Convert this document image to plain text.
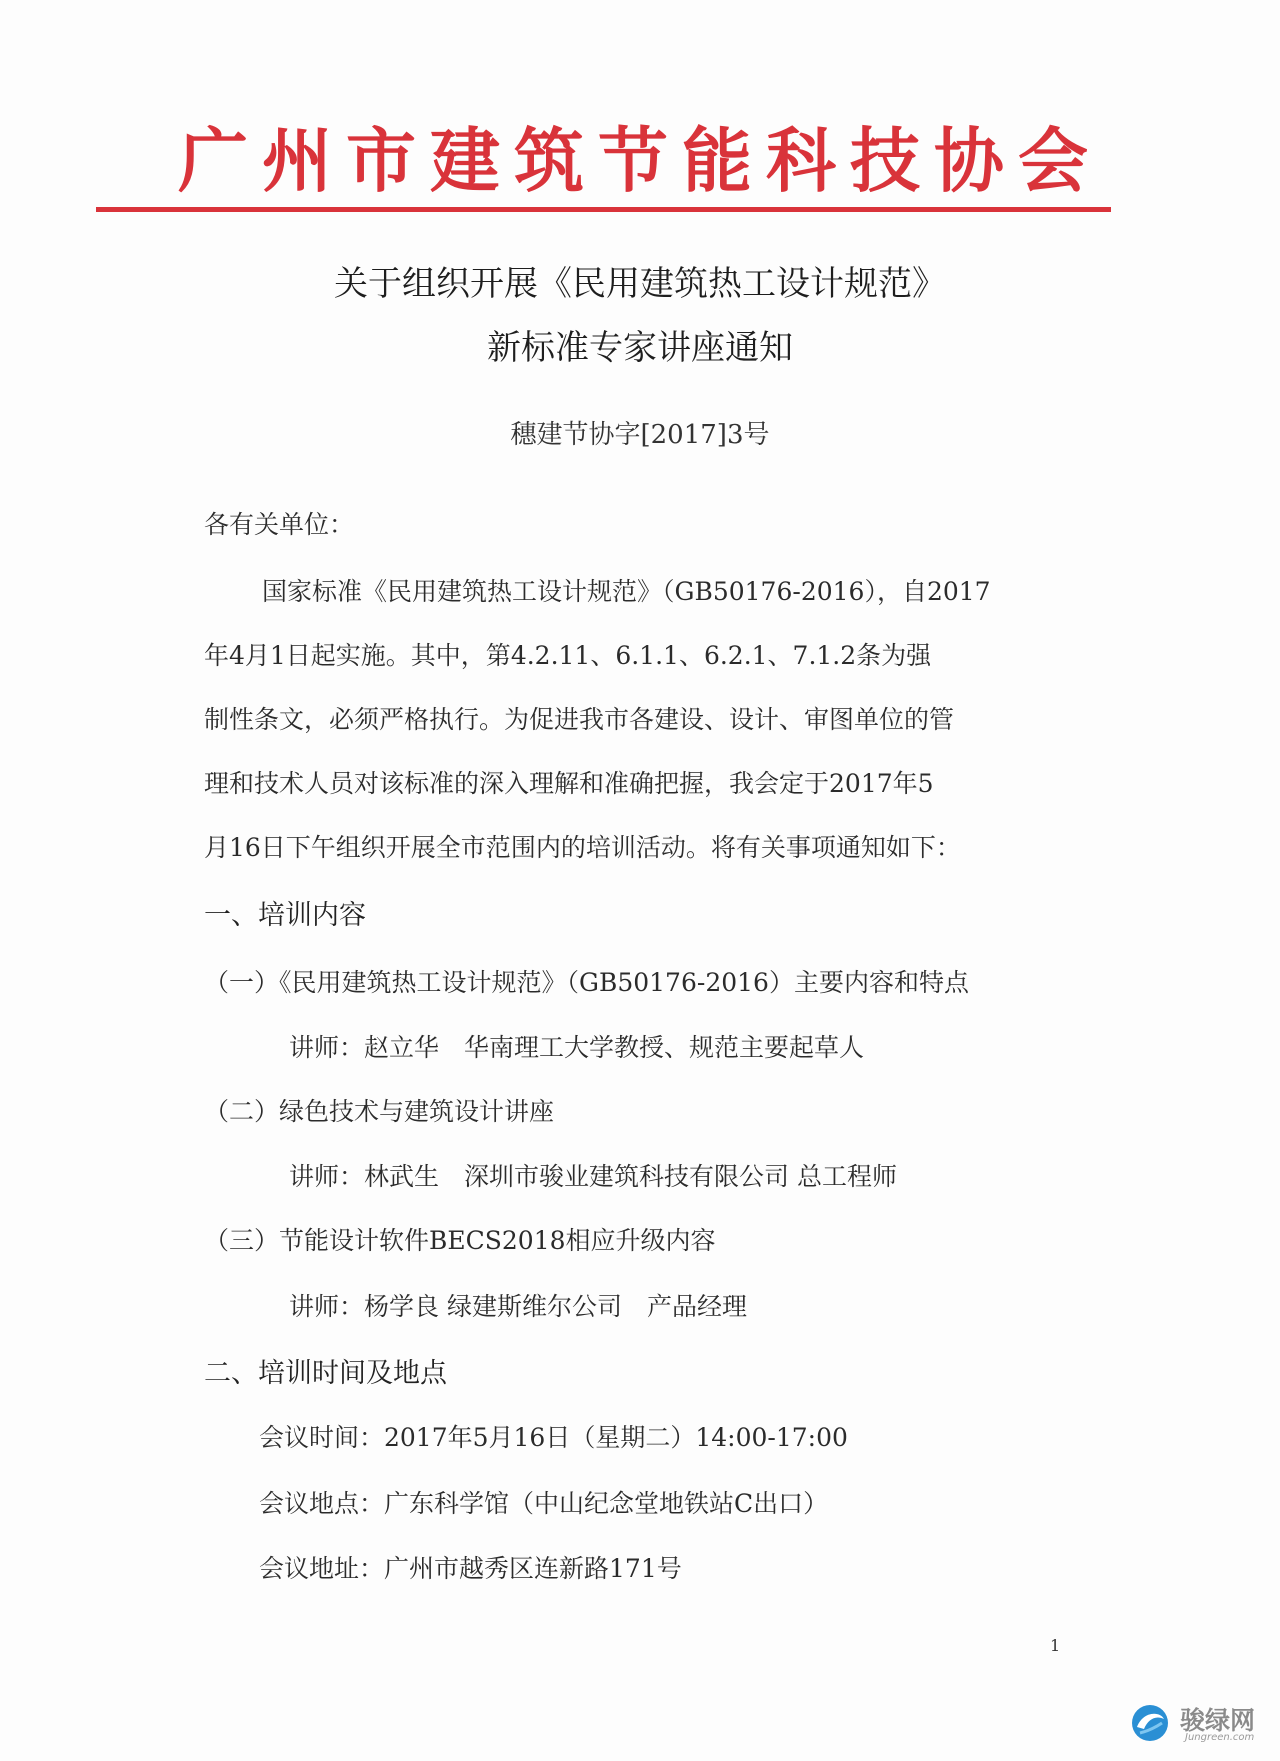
广州市建筑节能科技协会
关于组织开展《民用建筑热工设计规范》
新标准专家讲座通知
穗建节协字[2017]3号
各有关单位：
国家标准《民用建筑热工设计规范》（GB50176-2016），自2017
年4月1日起实施。其中，第4.2.11、6.1.1、6.2.1、7.1.2条为强
制性条文，必须严格执行。为促进我市各建设、设计、审图单位的管
理和技术人员对该标准的深入理解和准确把握，我会定于2017年5
月16日下午组织开展全市范围内的培训活动。将有关事项通知如下：
一、培训内容
（一）《民用建筑热工设计规范》（GB50176-2016）主要内容和特点
讲师：赵立华　华南理工大学教授、规范主要起草人
（二）绿色技术与建筑设计讲座
讲师：林武生　深圳市骏业建筑科技有限公司 总工程师
（三）节能设计软件BECS2018相应升级内容
讲师：杨学良 绿建斯维尔公司　产品经理
二、培训时间及地点
会议时间：2017年5月16日（星期二）14:00-17:00
会议地点：广东科学馆（中山纪念堂地铁站C出口）
会议地址：广州市越秀区连新路171号
1
骏绿网
Jungreen.com
